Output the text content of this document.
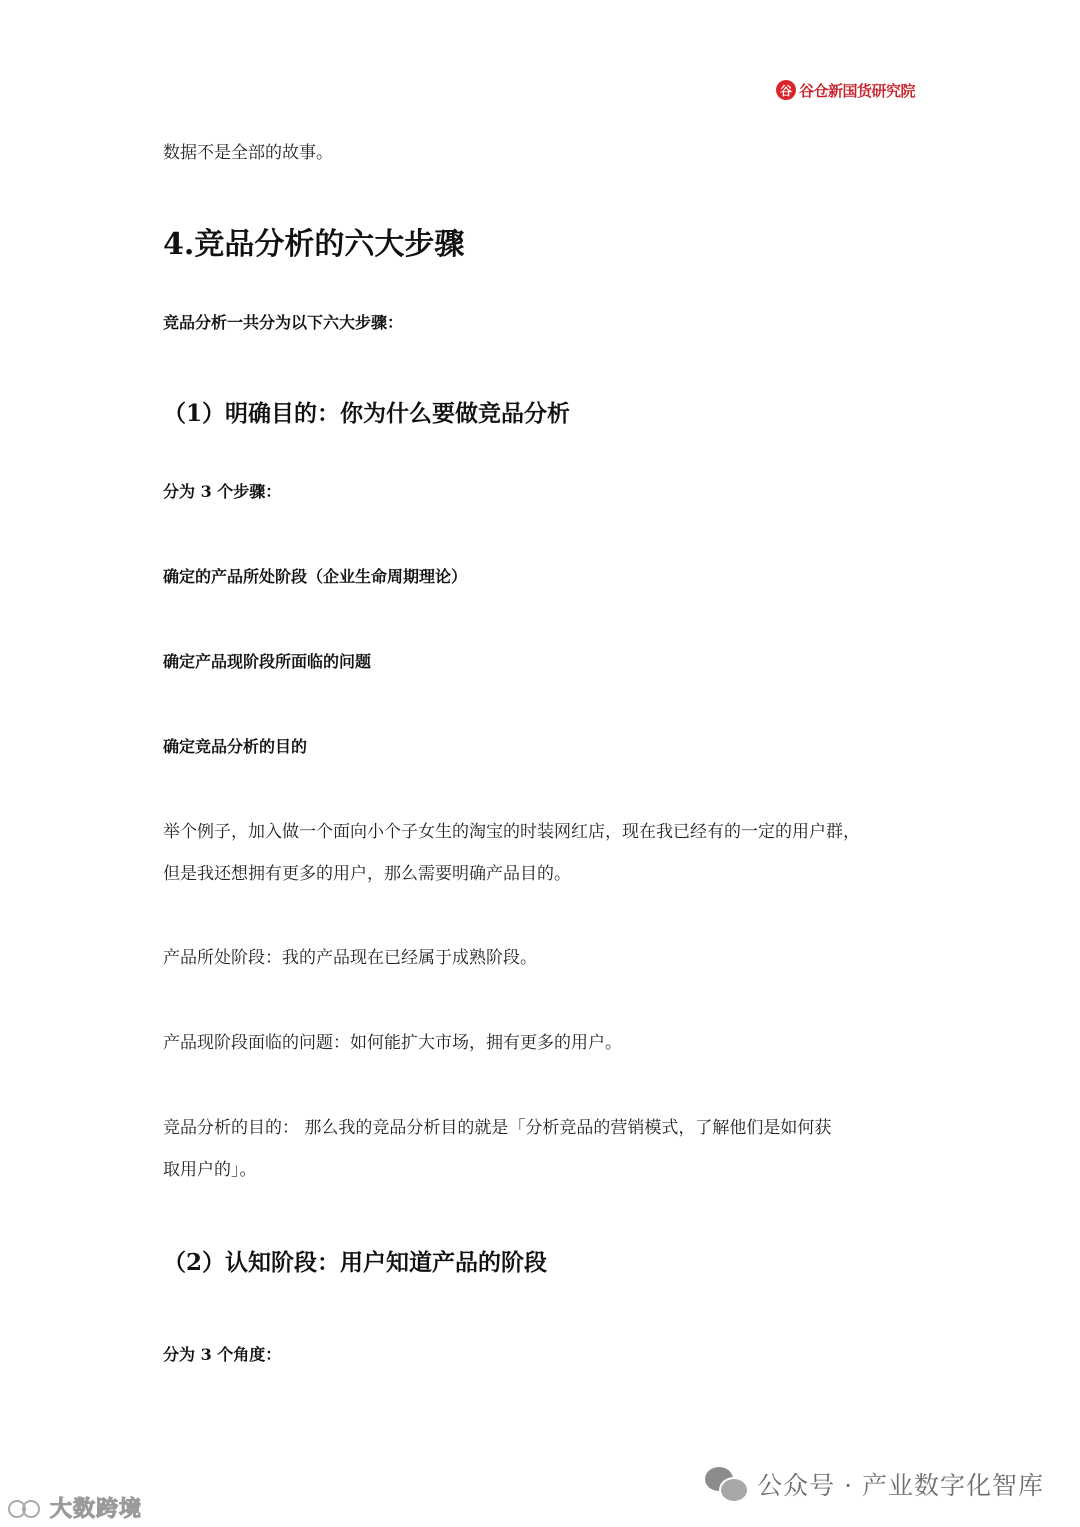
谷 谷仓新国货研究院
数据不是全部的故事。
4.竞品分析的六大步骤
竞品分析一共分为以下六大步骤：
（1）明确目的：你为什么要做竞品分析
分为 3 个步骤：
确定的产品所处阶段（企业生命周期理论）
确定产品现阶段所面临的问题
确定竞品分析的目的
举个例子，加入做一个面向小个子女生的淘宝的时装网红店，现在我已经有的一定的用户群，
但是我还想拥有更多的用户，那么需要明确产品目的。
产品所处阶段：我的产品现在已经属于成熟阶段。
产品现阶段面临的问题：如何能扩大市场，拥有更多的用户。
竞品分析的目的： 那么我的竞品分析目的就是「分析竞品的营销模式，了解他们是如何获
取用户的」。
（2）认知阶段：用户知道产品的阶段
分为 3 个角度：
公众号 · 产业数字化智库
大数跨境
